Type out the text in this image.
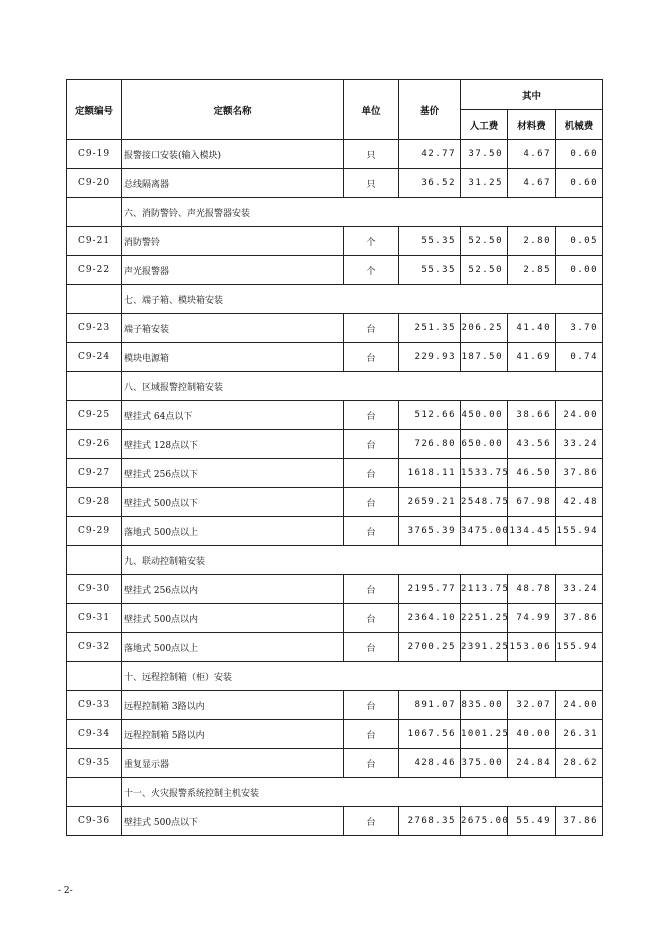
定额编号	定额名称	单位	基价	其中		
				人工费	材料费	机械费
C9-19	报警接口安装(输入模块)	只	42.77	37.50	4.67	0.60
C9-20	总线隔离器	只	36.52	31.25	4.67	0.60
	六、消防警铃、声光报警器安装					
C9-21	消防警铃	个	55.35	52.50	2.80	0.05
C9-22	声光报警器	个	55.35	52.50	2.85	0.00
	七、端子箱、模块箱安装					
C9-23	端子箱安装	台	251.35	206.25	41.40	3.70
C9-24	模块电源箱	台	229.93	187.50	41.69	0.74
	八、区域报警控制箱安装					
C9-25	壁挂式 64点以下	台	512.66	450.00	38.66	24.00
C9-26	壁挂式 128点以下	台	726.80	650.00	43.56	33.24
C9-27	壁挂式 256点以下	台	1618.11	1533.75	46.50	37.86
C9-28	壁挂式 500点以下	台	2659.21	2548.75	67.98	42.48
C9-29	落地式 500点以上	台	3765.39	3475.00	134.45	155.94
	九、联动控制箱安装					
C9-30	壁挂式 256点以内	台	2195.77	2113.75	48.78	33.24
C9-31	壁挂式 500点以内	台	2364.10	2251.25	74.99	37.86
C9-32	落地式 500点以上	台	2700.25	2391.25	153.06	155.94
	十、远程控制箱（柜）安装					
C9-33	远程控制箱 3路以内	台	891.07	835.00	32.07	24.00
C9-34	远程控制箱 5路以内	台	1067.56	1001.25	40.00	26.31
C9-35	重复显示器	台	428.46	375.00	24.84	28.62
	十一、火灾报警系统控制主机安装					
C9-36	壁挂式 500点以下	台	2768.35	2675.00	55.49	37.86
- 2-
